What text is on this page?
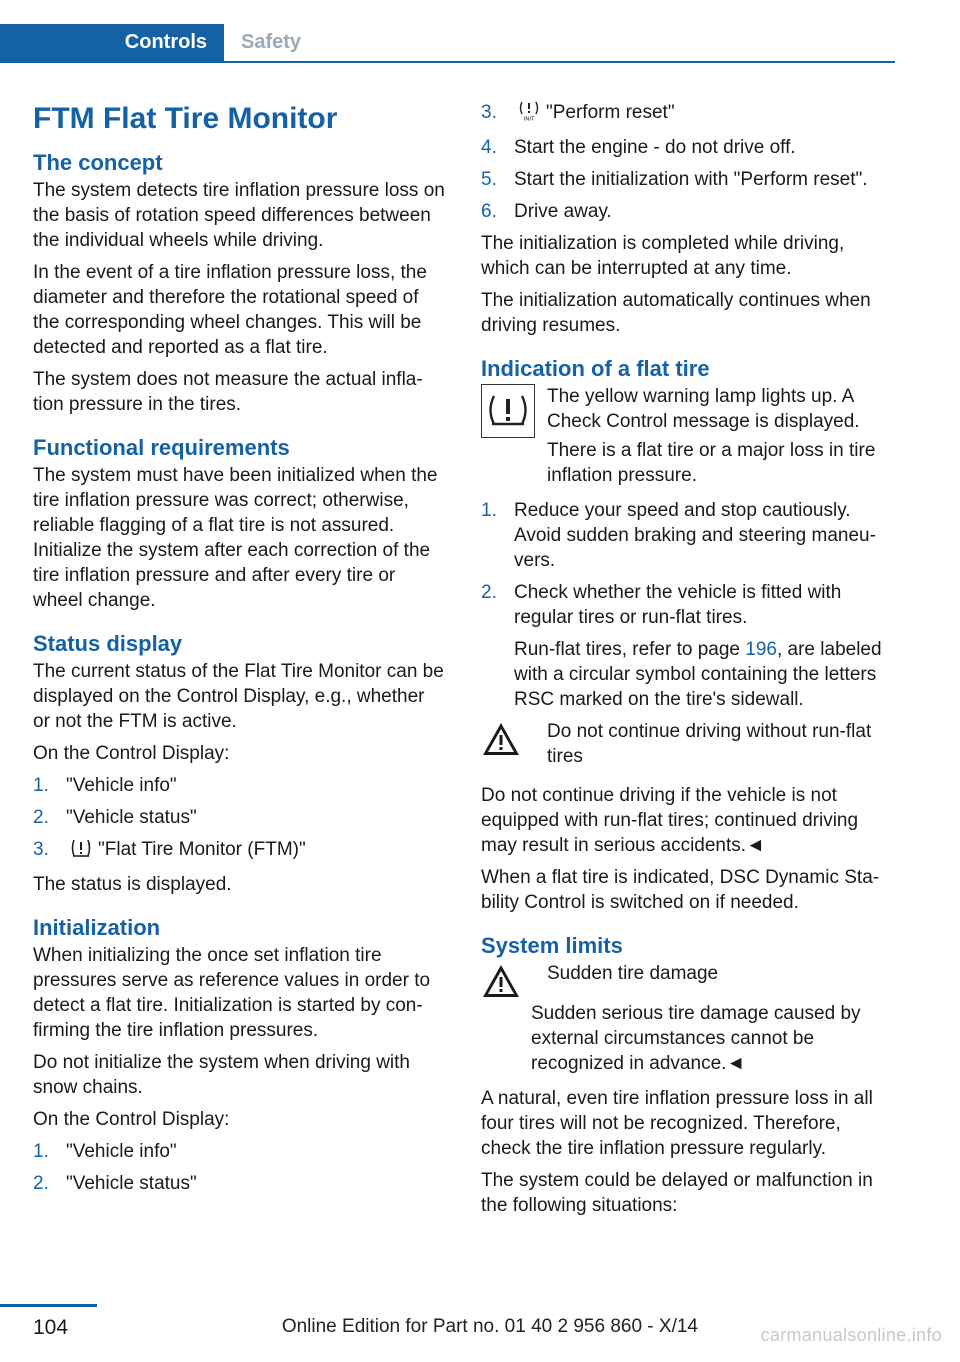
Controls	Safety
FTM Flat Tire Monitor
The concept

The system detects tire inflation pressure loss on the basis of rotation speed differences between the individual wheels while driving.

In the event of a tire inflation pressure loss, the diameter and therefore the rotational speed of the corresponding wheel changes. This will be detected and reported as a flat tire.

The system does not measure the actual inflation pressure in the tires.

Functional requirements

The system must have been initialized when the tire inflation pressure was correct; otherwise, reliable flagging of a flat tire is not assured. Initialize the system after each correction of the tire inflation pressure and after every tire or wheel change.

Status display

The current status of the Flat Tire Monitor can be displayed on the Control Display, e.g., whether or not the FTM is active.

On the Control Display:

1. "Vehicle info"
2. "Vehicle status"
3.	"Flat Tire Monitor (FTM)"

The status is displayed.

Initialization

When initializing the once set inflation tire pressures serve as reference values in order to detect a flat tire. Initialization is started by confirming the tire inflation pressures.

Do not initialize the system when driving with snow chains.

On the Control Display:

1. "Vehicle info"
2. "Vehicle status"
3.	INIT "Perform reset"
4. Start the engine - do not drive off.
5. Start the initialization with "Perform reset".
6. Drive away.

The initialization is completed while driving, which can be interrupted at any time.

The initialization automatically continues when driving resumes.

Indication of a flat tire

The yellow warning lamp lights up. A Check Control message is displayed.

There is a flat tire or a major loss in tire inflation pressure.

1. Reduce your speed and stop cautiously. Avoid sudden braking and steering maneuvers.
2. Check whether the vehicle is fitted with regular tires or run-flat tires.
Run-flat tires, refer to page 196, are labeled with a circular symbol containing the letters RSC marked on the tire's sidewall.

Do not continue driving without run-flat tires

Do not continue driving if the vehicle is not equipped with run-flat tires; continued driving may result in serious accidents.◄

When a flat tire is indicated, DSC Dynamic Stability Control is switched on if needed.

System limits

Sudden tire damage

Sudden serious tire damage caused by external circumstances cannot be recognized in advance.◄

A natural, even tire inflation pressure loss in all four tires will not be recognized. Therefore, check the tire inflation pressure regularly.

The system could be delayed or malfunction in the following situations:

104	Online Edition for Part no. 01 40 2 956 860 - X/14	carmanualsonline.info
